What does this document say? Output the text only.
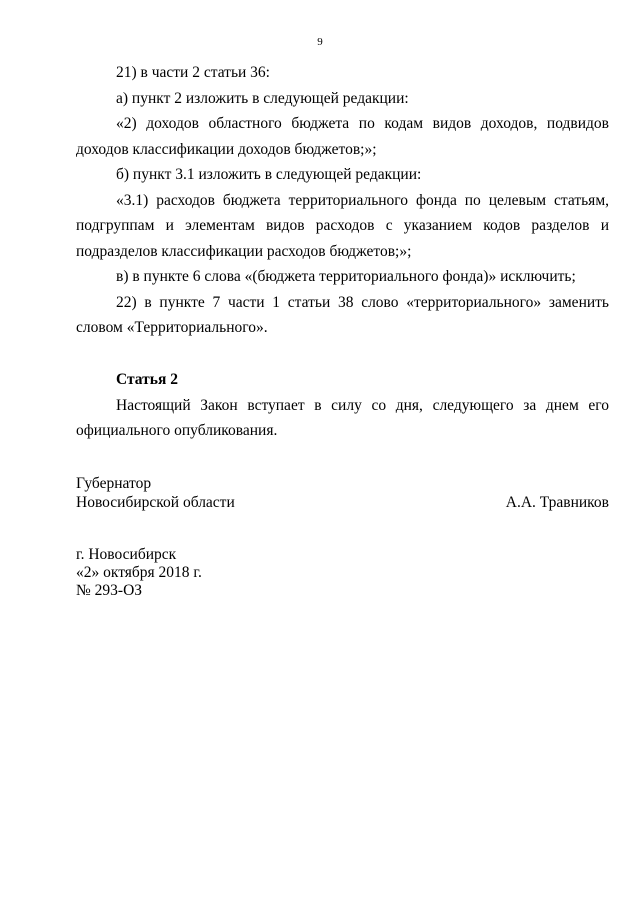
9

21) в части 2 статьи 36:

а) пункт 2 изложить в следующей редакции:

«2) доходов областного бюджета по кодам видов доходов, подвидов доходов классификации доходов бюджетов;»;

б) пункт 3.1 изложить в следующей редакции:

«3.1) расходов бюджета территориального фонда по целевым статьям, подгруппам и элементам видов расходов с указанием кодов разделов и подразделов классификации расходов бюджетов;»;

в) в пункте 6 слова «(бюджета территориального фонда)» исключить;

22) в пункте 7 части 1 статьи 38 слово «территориального» заменить словом «Территориального».

Статья 2

Настоящий Закон вступает в силу со дня, следующего за днем его официального опубликования.

Губернатор
Новосибирской области	А.А. Травников
г. Новосибирск
«2» октября 2018 г.
№ 293-ОЗ
